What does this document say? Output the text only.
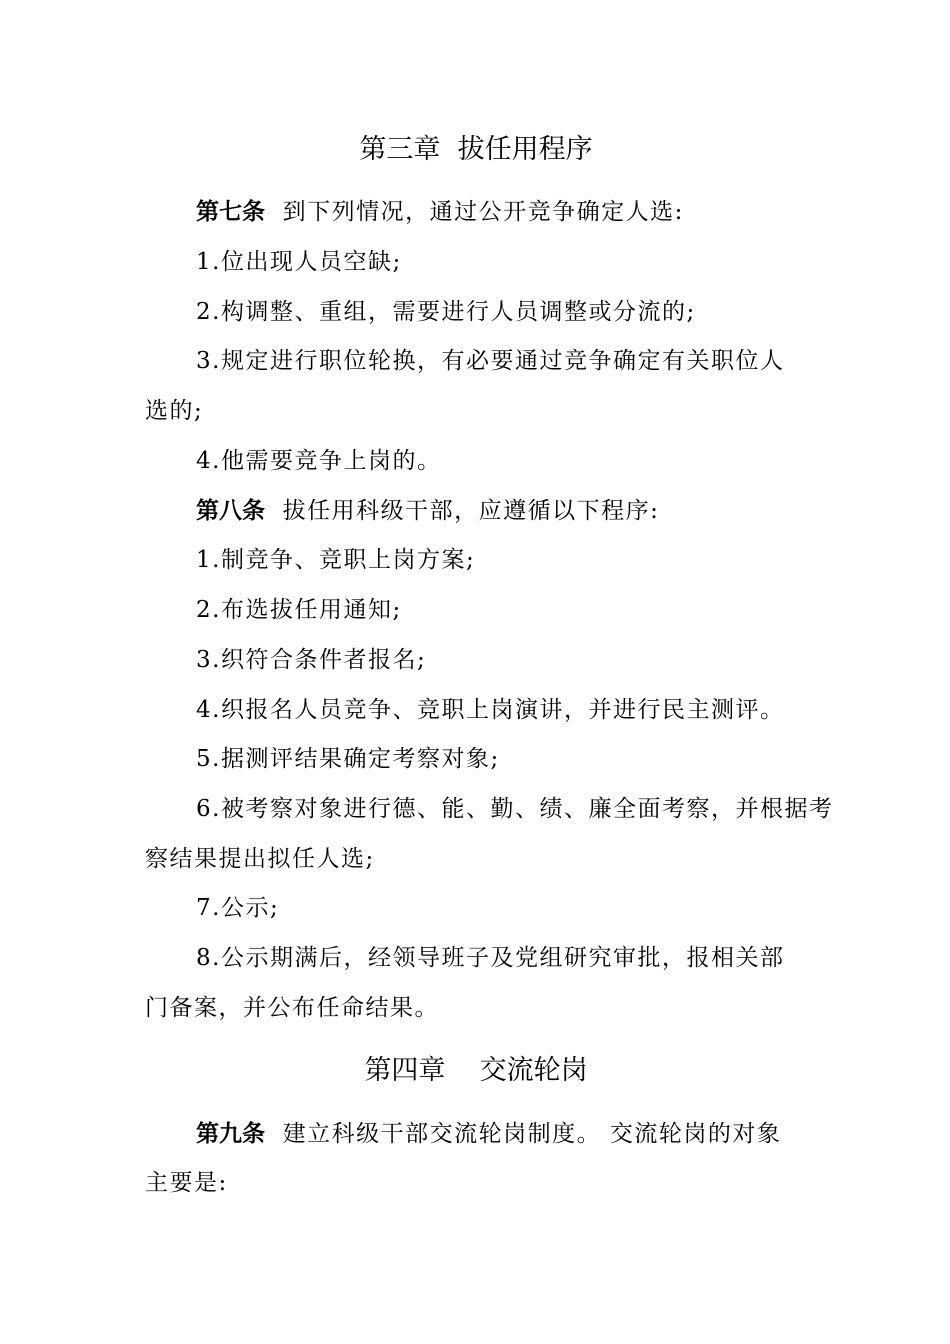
第三章  拔任用程序
第七条  到下列情况，通过公开竞争确定人选:
1.位出现人员空缺;
2.构调整、重组，需要进行人员调整或分流的;
3.规定进行职位轮换，有必要通过竞争确定有关职位人
选的;
4.他需要竞争上岗的。
第八条  拔任用科级干部，应遵循以下程序:
1.制竞争、竞职上岗方案;
2.布选拔任用通知;
3.织符合条件者报名;
4.织报名人员竞争、竞职上岗演讲，并进行民主测评。
5.据测评结果确定考察对象;
6.被考察对象进行德、能、勤、绩、廉全面考察，并根据考
察结果提出拟任人选;
7.公示;
8.公示期满后，经领导班子及党组研究审批，报相关部
门备案，并公布任命结果。
第四章    交流轮岗
第九条  建立科级干部交流轮岗制度。 交流轮岗的对象
主要是:
